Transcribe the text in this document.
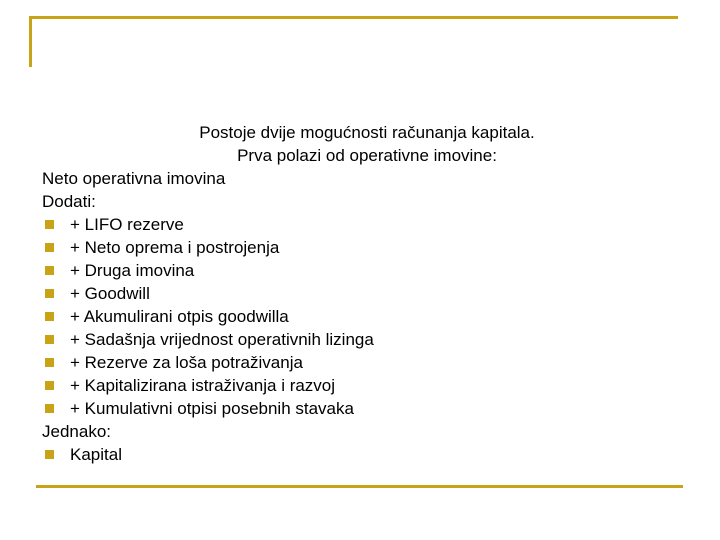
Postoje dvije mogućnosti računanja kapitala.
Prva polazi od operativne imovine:
Neto operativna imovina
Dodati:
+ LIFO rezerve
+ Neto oprema i postrojenja
+ Druga imovina
+ Goodwill
+ Akumulirani otpis goodwilla
+ Sadašnja vrijednost operativnih lizinga
+ Rezerve za loša potraživanja
+ Kapitalizirana istraživanja i razvoj
+ Kumulativni otpisi posebnih stavaka
Jednako:
Kapital
